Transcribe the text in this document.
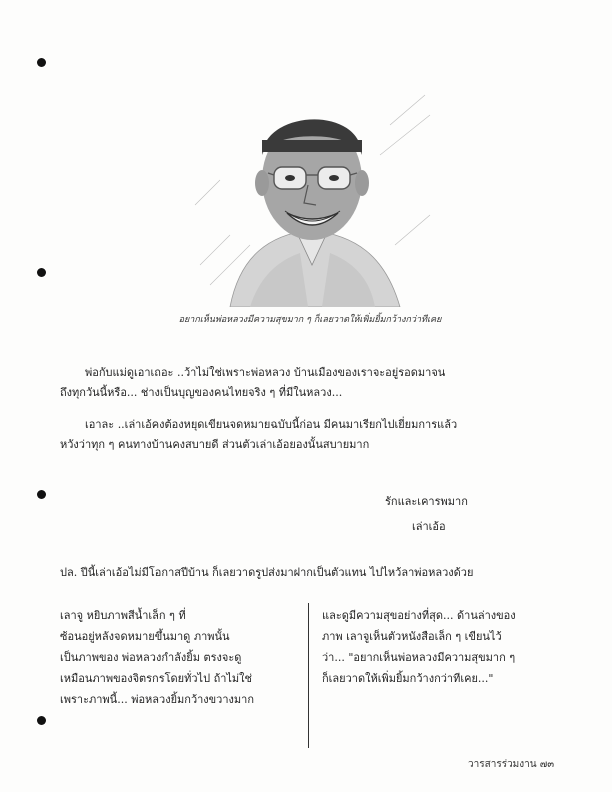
อยากเห็นพ่อหลวงมีความสุขมาก ๆ ก็เลยวาดให้เพิ่มยิ้มกว้างกว่าทีเคย
พ่อกับแม่ดูเอาเถอะ ..ว้าไม่ใช่เพราะพ่อหลวง บ้านเมืองของเราจะอยู่รอดมาจน
ถึงทุกวันนี้หรือ... ช่างเป็นบุญของคนไทยจริง ๆ ที่มีในหลวง...
เอาละ ..เล่าเอ้คงต้องหยุดเขียนจดหมายฉบับนี้ก่อน มีคนมาเรียกไปเยี่ยมการแล้ว
หวังว่าทุก ๆ คนทางบ้านคงสบายดี ส่วนตัวเล่าเอ้อยองนั้นสบายมาก
รักและเคารพมาก
เล่าเอ้อ
ปล. ปีนี้เล่าเอ้อไม่มีโอกาสปีบ้าน ก็เลยวาดรูปส่งมาฝากเป็นตัวแทน ไปไหว้ลาพ่อหลวงด้วย
เลาจู หยิบภาพสีน้ำเล็ก ๆ ที่
ซ้อนอยู่หลังจดหมายขึ้นมาดู ภาพนั้น
เป็นภาพของ พ่อหลวงกำลังยิ้ม ตรงจะดู
เหมือนภาพของจิตรกรโดยทั่วไป ถ้าไม่ใช่
เพราะภาพนี้... พ่อหลวงยิ้มกว้างขวางมาก
และดูมีความสุขอย่างที่สุด... ด้านล่างของ
ภาพ เลาจูเห็นตัวหนังสือเล็ก ๆ เขียนไว้
ว่า... "อยากเห็นพ่อหลวงมีความสุขมาก ๆ
ก็เลยวาดให้เพิ่มยิ้มกว้างกว่าทีเคย..."
วารสารร่วมงาน ๗๓
